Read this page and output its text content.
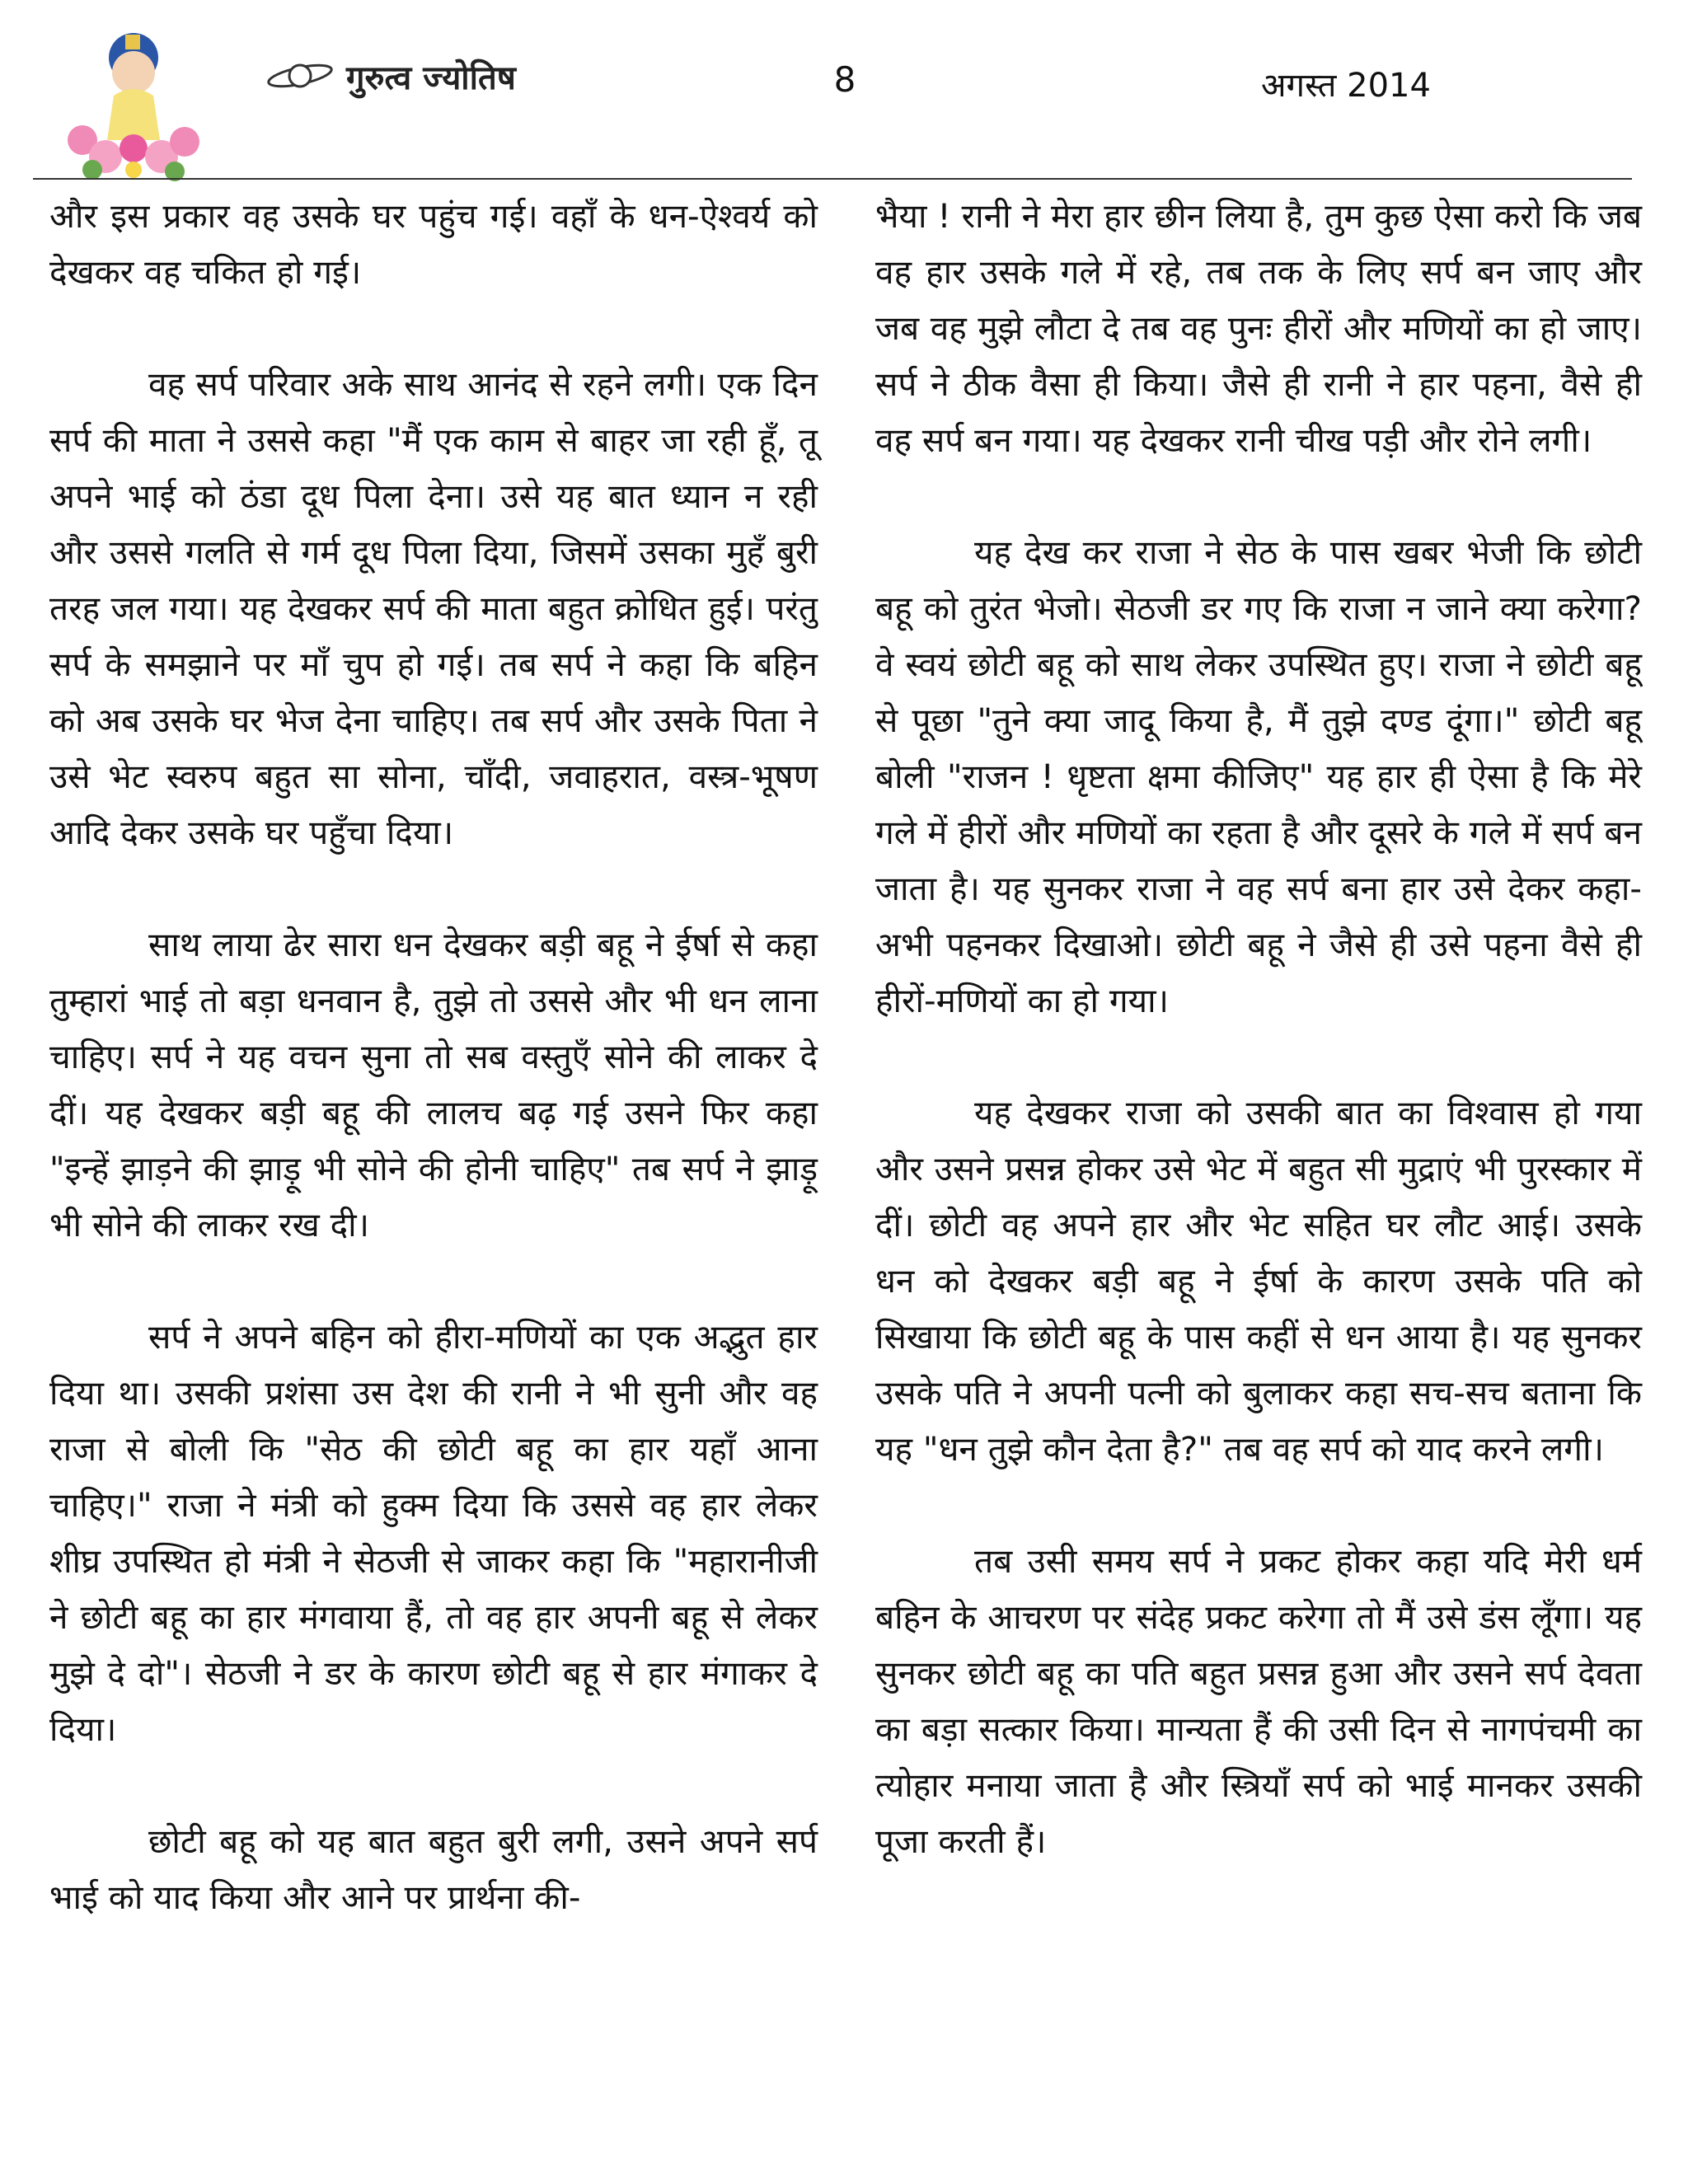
गुरुत्व ज्योतिष	8	अगस्त 2014

और इस प्रकार वह उसके घर पहुंच गई। वहाँ के धन-ऐश्वर्य को देखकर वह चकित हो गई।

वह सर्प परिवार अके साथ आनंद से रहने लगी। एक दिन सर्प की माता ने उससे कहा "मैं एक काम से बाहर जा रही हूँ, तू अपने भाई को ठंडा दूध पिला देना। उसे यह बात ध्यान न रही और उससे गलति से गर्म दूध पिला दिया, जिसमें उसका मुहँ बुरी तरह जल गया। यह देखकर सर्प की माता बहुत क्रोधित हुई। परंतु सर्प के समझाने पर माँ चुप हो गई। तब सर्प ने कहा कि बहिन को अब उसके घर भेज देना चाहिए। तब सर्प और उसके पिता ने उसे भेट स्वरुप बहुत सा सोना, चाँदी, जवाहरात, वस्त्र-भूषण आदि देकर उसके घर पहुँचा दिया।

साथ लाया ढेर सारा धन देखकर बड़ी बहू ने ईर्षा से कहा तुम्हारां भाई तो बड़ा धनवान है, तुझे तो उससे और भी धन लाना चाहिए। सर्प ने यह वचन सुना तो सब वस्तुएँ सोने की लाकर दे दीं। यह देखकर बड़ी बहू की लालच बढ़ गई उसने फिर कहा "इन्हें झाड़ने की झाड़ू भी सोने की होनी चाहिए" तब सर्प ने झाड़ू भी सोने की लाकर रख दी।

सर्प ने अपने बहिन को हीरा-मणियों का एक अद्भुत हार दिया था। उसकी प्रशंसा उस देश की रानी ने भी सुनी और वह राजा से बोली कि "सेठ की छोटी बहू का हार यहाँ आना चाहिए।" राजा ने मंत्री को हुक्म दिया कि उससे वह हार लेकर शीघ्र उपस्थित हो मंत्री ने सेठजी से जाकर कहा कि "महारानीजी ने छोटी बहू का हार मंगवाया हैं, तो वह हार अपनी बहू से लेकर मुझे दे दो"। सेठजी ने डर के कारण छोटी बहू से हार मंगाकर दे दिया।

छोटी बहू को यह बात बहुत बुरी लगी, उसने अपने सर्प भाई को याद किया और आने पर प्रार्थना की-

भैया ! रानी ने मेरा हार छीन लिया है, तुम कुछ ऐसा करो कि जब वह हार उसके गले में रहे, तब तक के लिए सर्प बन जाए और जब वह मुझे लौटा दे तब वह पुनः हीरों और मणियों का हो जाए। सर्प ने ठीक वैसा ही किया। जैसे ही रानी ने हार पहना, वैसे ही वह सर्प बन गया। यह देखकर रानी चीख पड़ी और रोने लगी।

यह देख कर राजा ने सेठ के पास खबर भेजी कि छोटी बहू को तुरंत भेजो। सेठजी डर गए कि राजा न जाने क्या करेगा? वे स्वयं छोटी बहू को साथ लेकर उपस्थित हुए। राजा ने छोटी बहू से पूछा "तुने क्या जादू किया है, मैं तुझे दण्ड दूंगा।" छोटी बहू बोली "राजन ! धृष्टता क्षमा कीजिए" यह हार ही ऐसा है कि मेरे गले में हीरों और मणियों का रहता है और दूसरे के गले में सर्प बन जाता है। यह सुनकर राजा ने वह सर्प बना हार उसे देकर कहा- अभी पहनकर दिखाओ। छोटी बहू ने जैसे ही उसे पहना वैसे ही हीरों-मणियों का हो गया।

यह देखकर राजा को उसकी बात का विश्वास हो गया और उसने प्रसन्न होकर उसे भेट में बहुत सी मुद्राएं भी पुरस्कार में दीं। छोटी वह अपने हार और भेट सहित घर लौट आई। उसके धन को देखकर बड़ी बहू ने ईर्षा के कारण उसके पति को सिखाया कि छोटी बहू के पास कहीं से धन आया है। यह सुनकर उसके पति ने अपनी पत्नी को बुलाकर कहा सच-सच बताना कि यह "धन तुझे कौन देता है?" तब वह सर्प को याद करने लगी।

तब उसी समय सर्प ने प्रकट होकर कहा यदि मेरी धर्म बहिन के आचरण पर संदेह प्रकट करेगा तो मैं उसे डंस लूँगा। यह सुनकर छोटी बहू का पति बहुत प्रसन्न हुआ और उसने सर्प देवता का बड़ा सत्कार किया। मान्यता हैं की उसी दिन से नागपंचमी का त्योहार मनाया जाता है और स्त्रियाँ सर्प को भाई मानकर उसकी पूजा करती हैं।
